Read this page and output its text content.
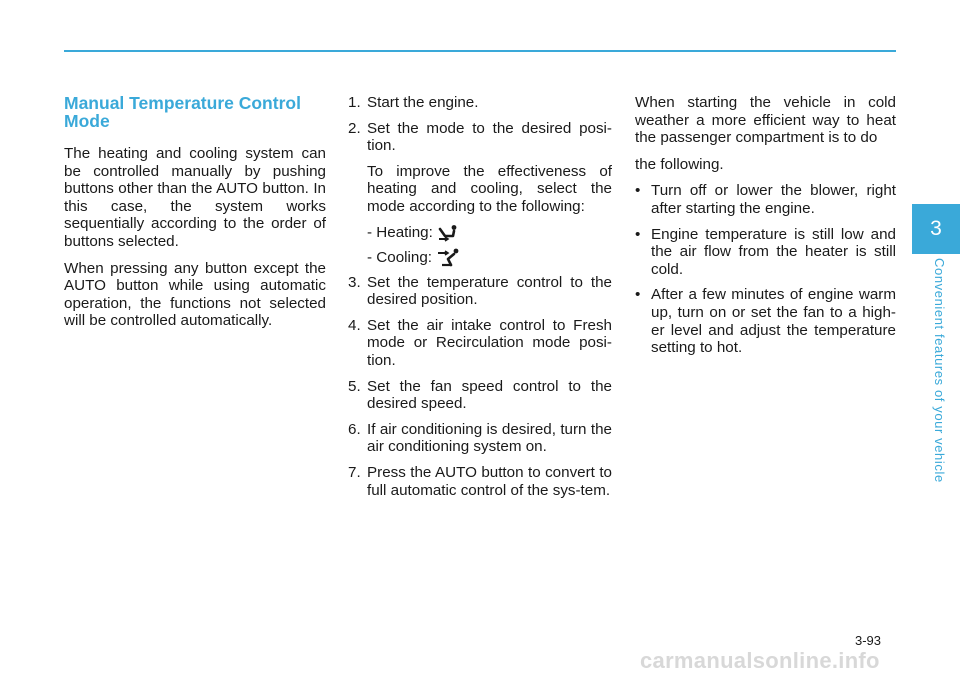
Manual Temperature Control Mode

The heating and cooling system can be controlled manually by pushing buttons other than the AUTO button. In this case, the system works sequentially according to the order of buttons selected.

When pressing any button except the AUTO button while using automatic operation, the functions not selected will be controlled automatically.

1. Start the engine.
2. Set the mode to the desired posi-tion.
To improve the effectiveness of heating and cooling, select the mode according to the following:
- Heating:
- Cooling:
3. Set the temperature control to the desired position.
4. Set the air intake control to Fresh mode or Recirculation mode posi-tion.
5. Set the fan speed control to the desired speed.
6. If air conditioning is desired, turn the air conditioning system on.
7. Press the AUTO button to convert to full automatic control of the sys-tem.

When starting the vehicle in cold weather a more efficient way to heat the passenger compartment is to do

the following.

• Turn off or lower the blower, right after starting the engine.
• Engine temperature is still low and the air flow from the heater is still cold.
• After a few minutes of engine warm up, turn on or set the fan to a high-er level and adjust the temperature setting to hot.
3
Convenient features of your vehicle
3-93
carmanualsonline.info
